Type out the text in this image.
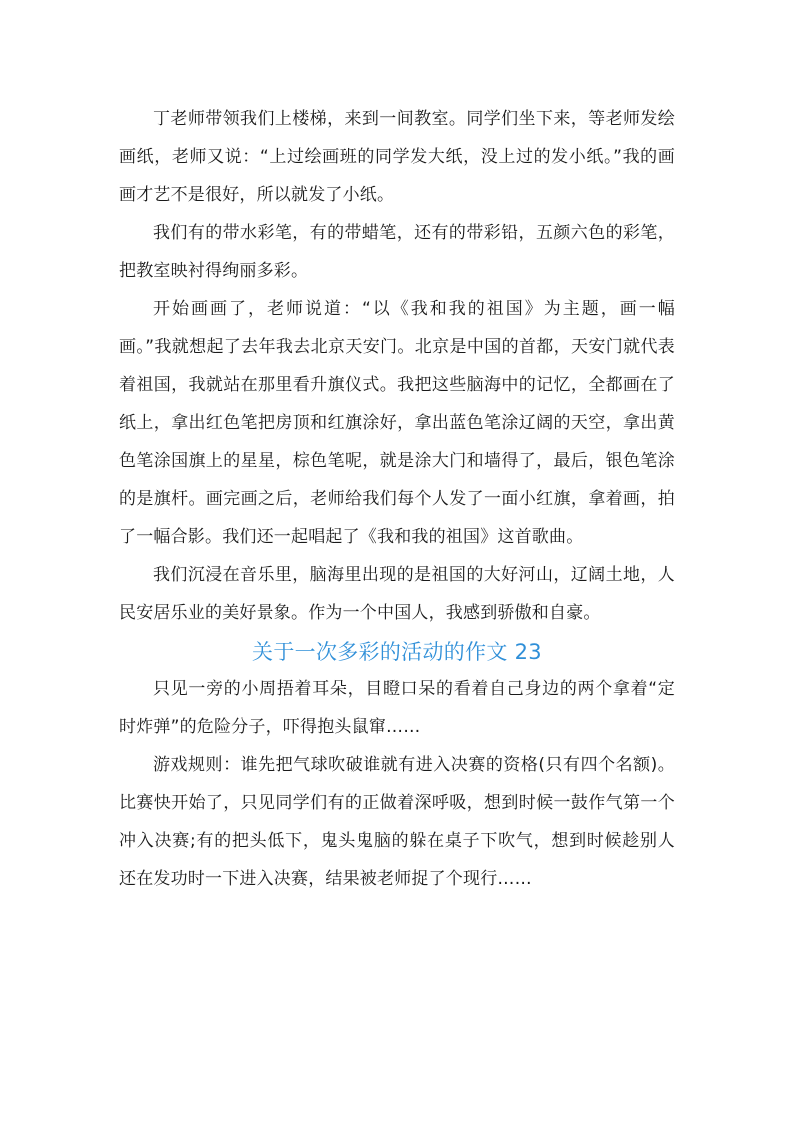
丁老师带领我们上楼梯，来到一间教室。同学们坐下来，等老师发绘画纸，老师又说：“上过绘画班的同学发大纸，没上过的发小纸。”我的画画才艺不是很好，所以就发了小纸。

我们有的带水彩笔，有的带蜡笔，还有的带彩铅，五颜六色的彩笔，把教室映衬得绚丽多彩。

开始画画了，老师说道：“以《我和我的祖国》为主题，画一幅画。”我就想起了去年我去北京天安门。北京是中国的首都，天安门就代表着祖国，我就站在那里看升旗仪式。我把这些脑海中的记忆，全都画在了纸上，拿出红色笔把房顶和红旗涂好，拿出蓝色笔涂辽阔的天空，拿出黄色笔涂国旗上的星星，棕色笔呢，就是涂大门和墙得了，最后，银色笔涂的是旗杆。画完画之后，老师给我们每个人发了一面小红旗，拿着画，拍了一幅合影。我们还一起唱起了《我和我的祖国》这首歌曲。

我们沉浸在音乐里，脑海里出现的是祖国的大好河山，辽阔土地，人民安居乐业的美好景象。作为一个中国人，我感到骄傲和自豪。

关于一次多彩的活动的作文 23

只见一旁的小周捂着耳朵，目瞪口呆的看着自己身边的两个拿着“定时炸弹”的危险分子，吓得抱头鼠窜……

游戏规则：谁先把气球吹破谁就有进入决赛的资格(只有四个名额)。比赛快开始了，只见同学们有的正做着深呼吸，想到时候一鼓作气第一个冲入决赛;有的把头低下，鬼头鬼脑的躲在桌子下吹气，想到时候趁别人还在发功时一下进入决赛，结果被老师捉了个现行……
